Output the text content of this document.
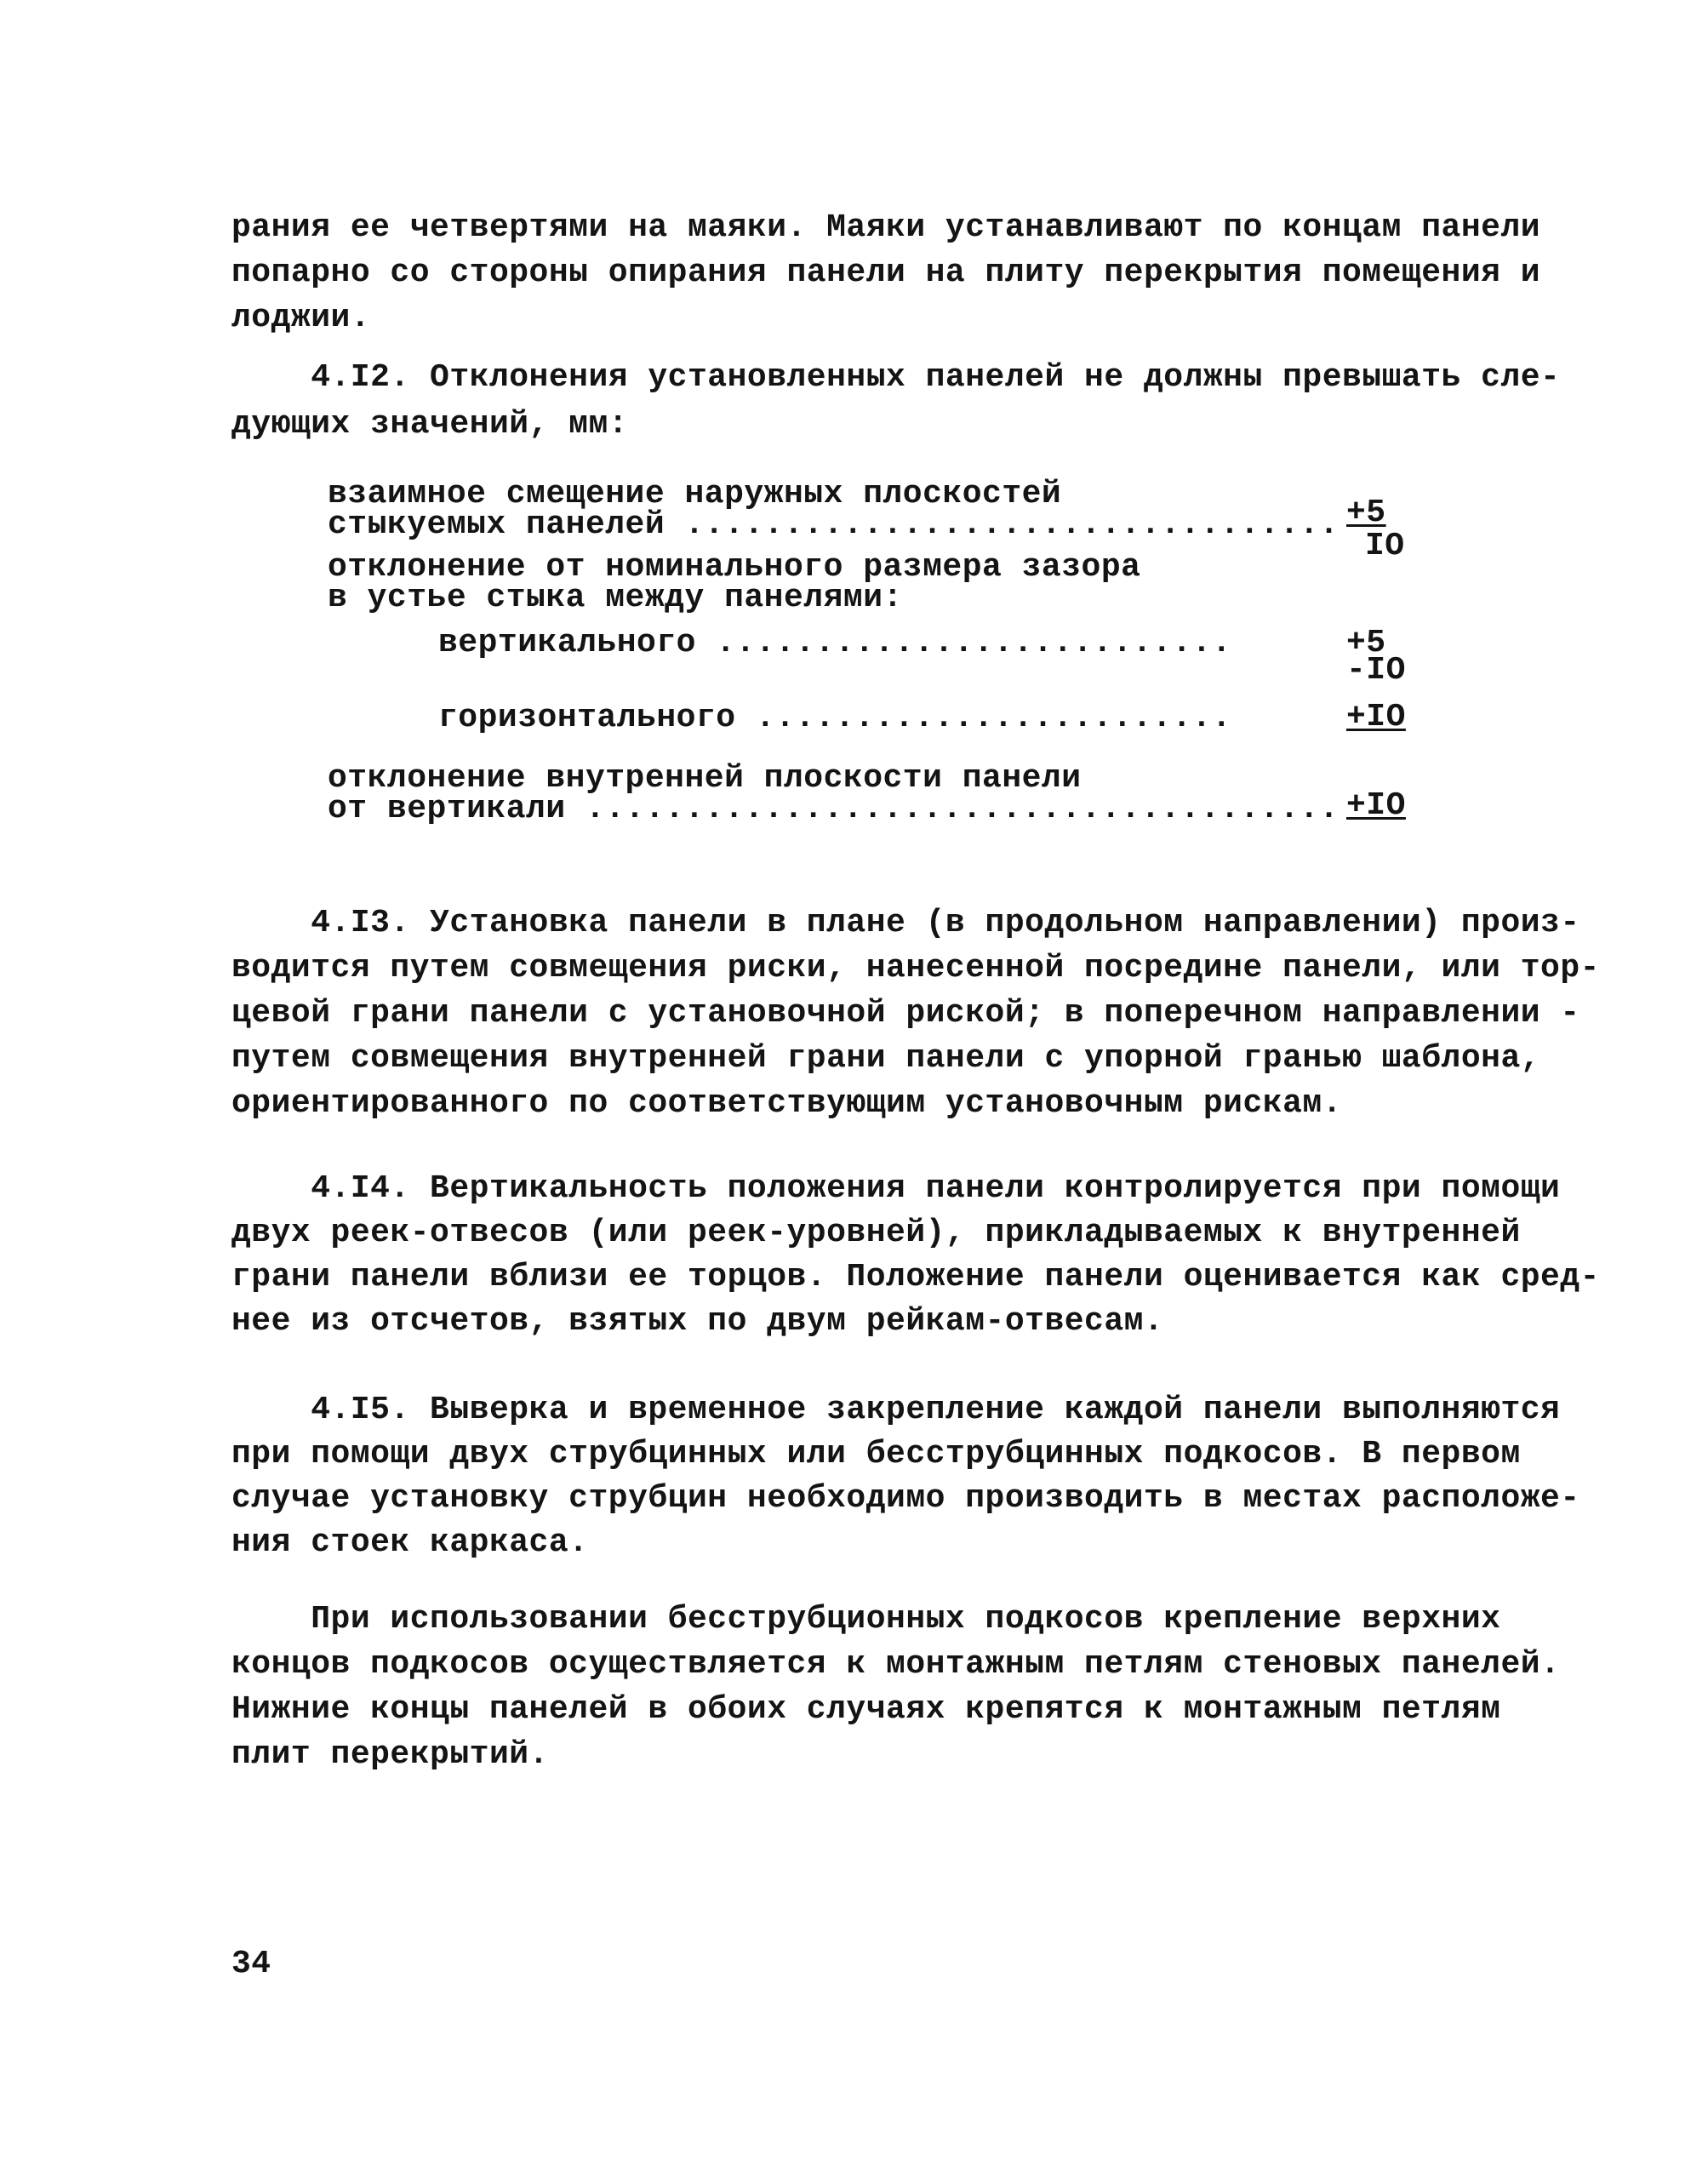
рания ее четвертями на маяки. Маяки устанавливают по концам панели
попарно со стороны опирания панели на плиту перекрытия помещения и
лоджии.
4.I2. Отклонения установленных панелей не должны превышать сле-
дующих значений, мм:
взаимное смещение наружных плоскостей
стыкуемых панелей ................................. +5
IO
отклонение от номинального размера зазора
в устье стыка между панелями:
вертикального ..........................	+5
-IO
горизонтального ........................	+IO
отклонение внутренней плоскости панели
от вертикали ...................................... +IO
4.I3. Установка панели в плане (в продольном направлении) произ-
водится путем совмещения риски, нанесенной посредине панели, или тор-
цевой грани панели с установочной риской; в поперечном направлении -
путем совмещения внутренней грани панели с упорной гранью шаблона,
ориентированного по соответствующим установочным рискам.
4.I4. Вертикальность положения панели контролируется при помощи
двух реек-отвесов (или реек-уровней), прикладываемых к внутренней
грани панели вблизи ее торцов. Положение панели оценивается как сред-
нее из отсчетов, взятых по двум рейкам-отвесам.
4.I5. Выверка и временное закрепление каждой панели выполняются
при помощи двух струбцинных или бесструбцинных подкосов. В первом
случае установку струбцин необходимо производить в местах расположе-
ния стоек каркаса.
При использовании бесструбционных подкосов крепление верхних
концов подкосов осуществляется к монтажным петлям стеновых панелей.
Нижние концы панелей в обоих случаях крепятся к монтажным петлям
плит перекрытий.
34
